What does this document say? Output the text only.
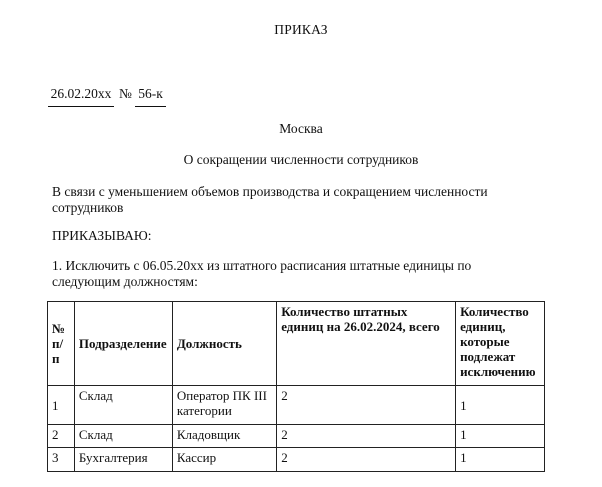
ПРИКАЗ
26.02.20xx № 56-к
Москва
О сокращении численности сотрудников
В связи с уменьшением объемов производства и сокращением численности сотрудников
ПРИКАЗЫВАЮ:
1. Исключить с 06.05.20xx из штатного расписания штатные единицы по следующим должностям:
№ п/п	Подразделение	Должность	Количество штатных единиц на 26.02.2024, всего	Количество единиц, которые подлежат исключению
1	Склад	Оператор ПК III категории	2	1
2	Склад	Кладовщик	2	1
3	Бухгалтерия	Кассир	2	1
